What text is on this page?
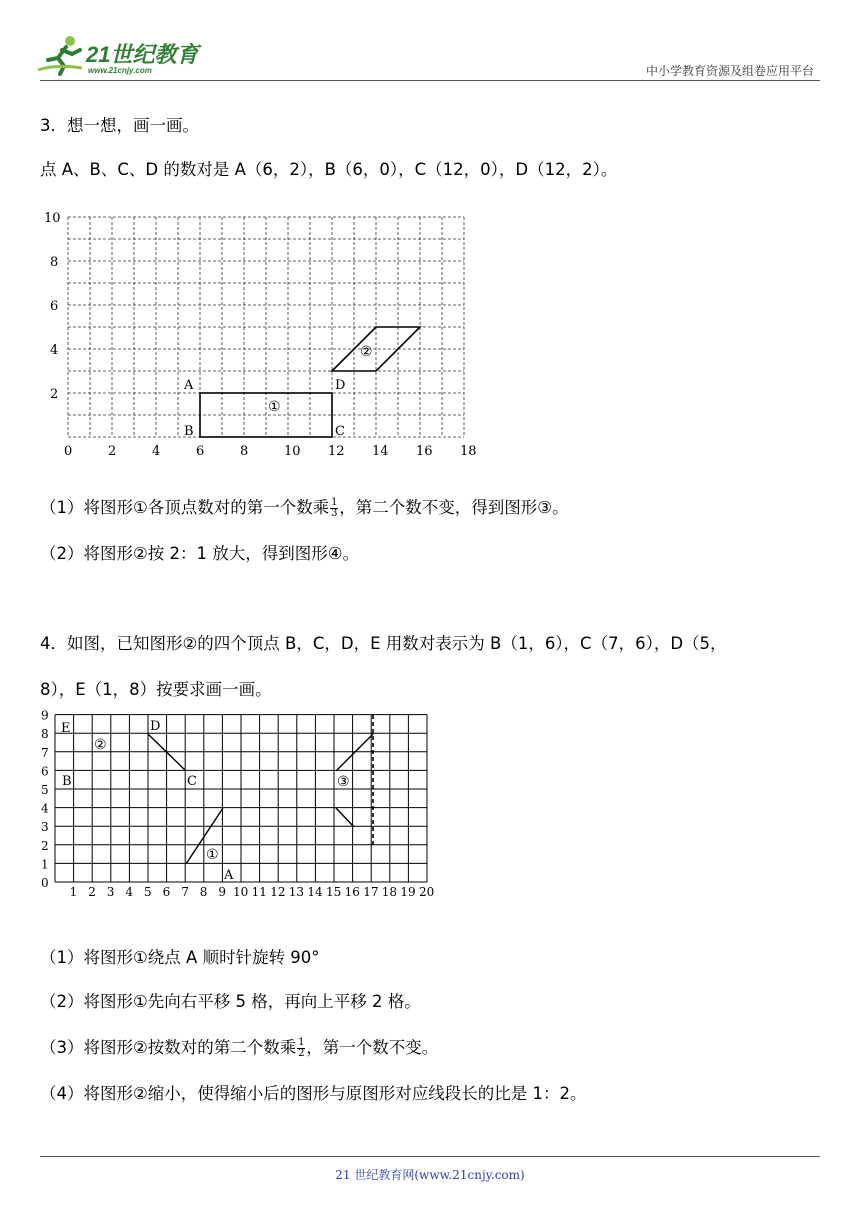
21世纪教育
www.21cnjy.com	中小学教育资源及组卷应用平台
3．想一想，画一画。
点 A、B、C、D 的数对是 A（6，2），B（6，0），C（12，0），D（12，2）。
0	2	4	6	8	10 12 14 16 18
2
4
6
8
10
A
B	C
D
①
②
（1）将图形①各顶点数对的第一个数乘 $\frac{1}{3}$ ，第二个数不变，得到图形③。
（2）将图形②按 2：1 放大，得到图形④。
4．如图，已知图形②的四个顶点 B，C，D，E 用数对表示为 B（1，6），C（7，6），D（5，
8），E（1，8）按要求画一画。
1 2 3 4 5 6 7 8 9 10 11 12 13 14 15 16 17 18 19 20
0
1
2
3
4
5
6
7
8
9
E	D
B	C
A
②
①
③
（1）将图形①绕点 A 顺时针旋转 90°
（2）将图形①先向右平移 5 格，再向上平移 2 格。
（3）将图形②按数对的第二个数乘 $\frac{1}{2}$ ，第一个数不变。
（4）将图形②缩小，使得缩小后的图形与原图形对应线段长的比是 1：2。
21 世纪教育网(www.21cnjy.com)
